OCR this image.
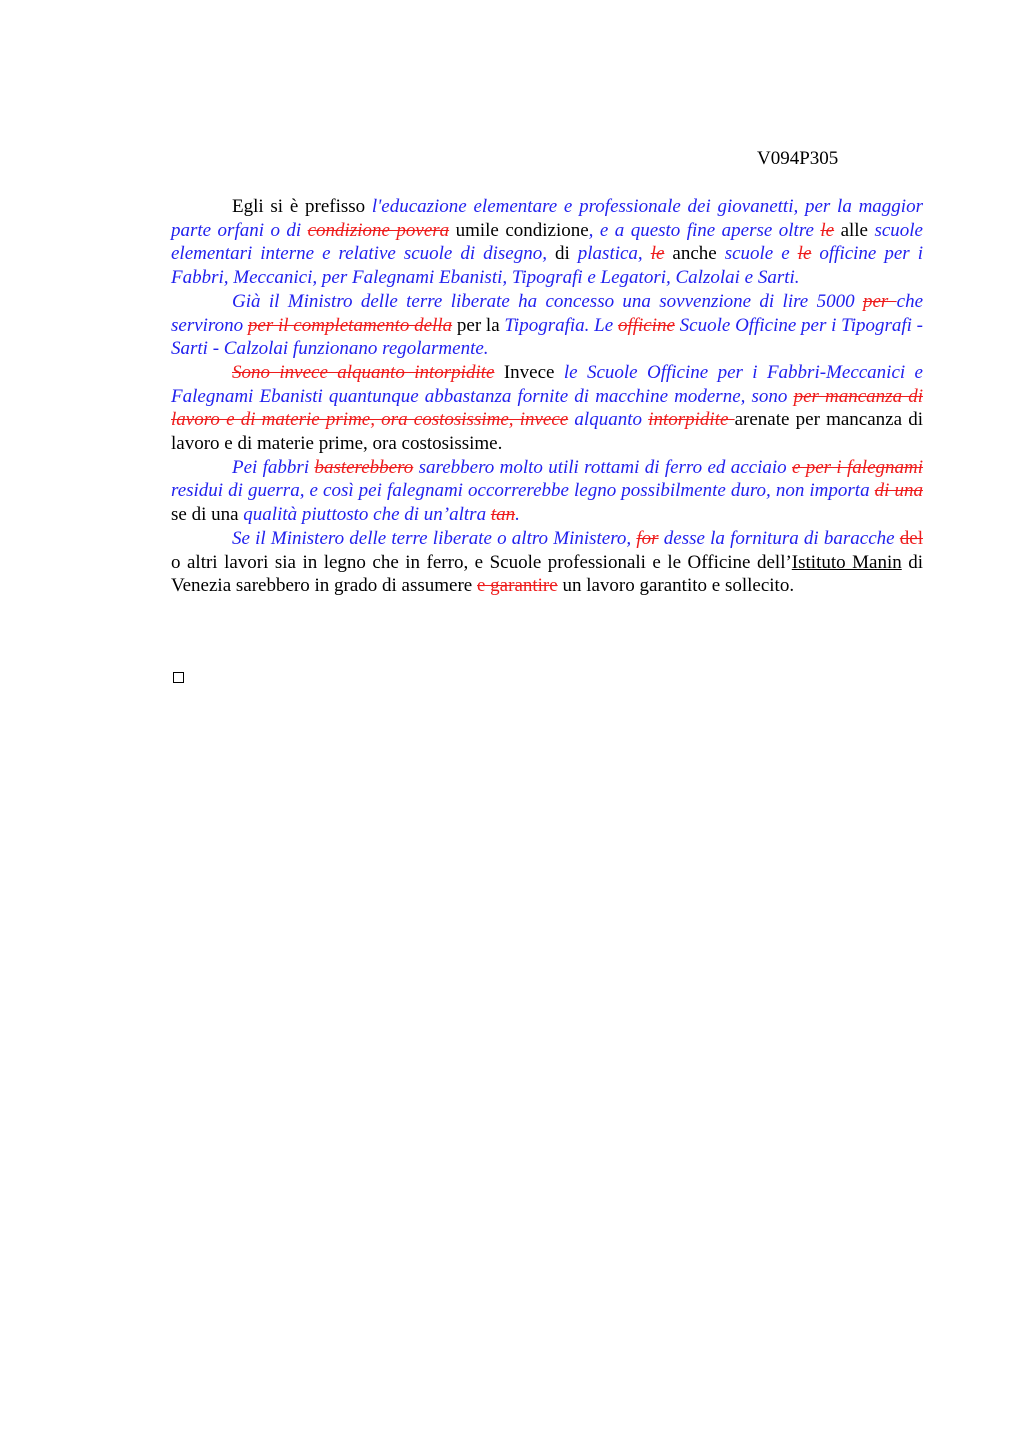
V094P305

Egli si è prefisso l'educazione elementare e professionale dei giovanetti, per la maggior parte orfani o di condizione povera umile condizione, e a questo fine aperse oltre le alle scuole elementari interne e relative scuole di disegno, di plastica, le anche scuole e le officine per i Fabbri, Meccanici, per Falegnami Ebanisti, Tipografi e Legatori, Calzolai e Sarti.

Già il Ministro delle terre liberate ha concesso una sovvenzione di lire 5000 per che servirono per il completamento della per la Tipografia. Le officine Scuole Officine per i Tipografi - Sarti - Calzolai funzionano regolarmente.

Sono invece alquanto intorpidite Invece le Scuole Officine per i Fabbri-Meccanici e Falegnami Ebanisti quantunque abbastanza fornite di macchine moderne, sono per mancanza di lavoro e di materie prime, ora costosissime, invece alquanto intorpidite arenate per mancanza di lavoro e di materie prime, ora costosissime.

Pei fabbri basterebbero sarebbero molto utili rottami di ferro ed acciaio e per i falegnami residui di guerra, e così pei falegnami occorrerebbe legno possibilmente duro, non importa di una se di una qualità piuttosto che di un’altra tan.

Se il Ministero delle terre liberate o altro Ministero, for desse la fornitura di baracche del o altri lavori sia in legno che in ferro, e Scuole professionali e le Officine dell’Istituto Manin di Venezia sarebbero in grado di assumere e garantire un lavoro garantito e sollecito.
